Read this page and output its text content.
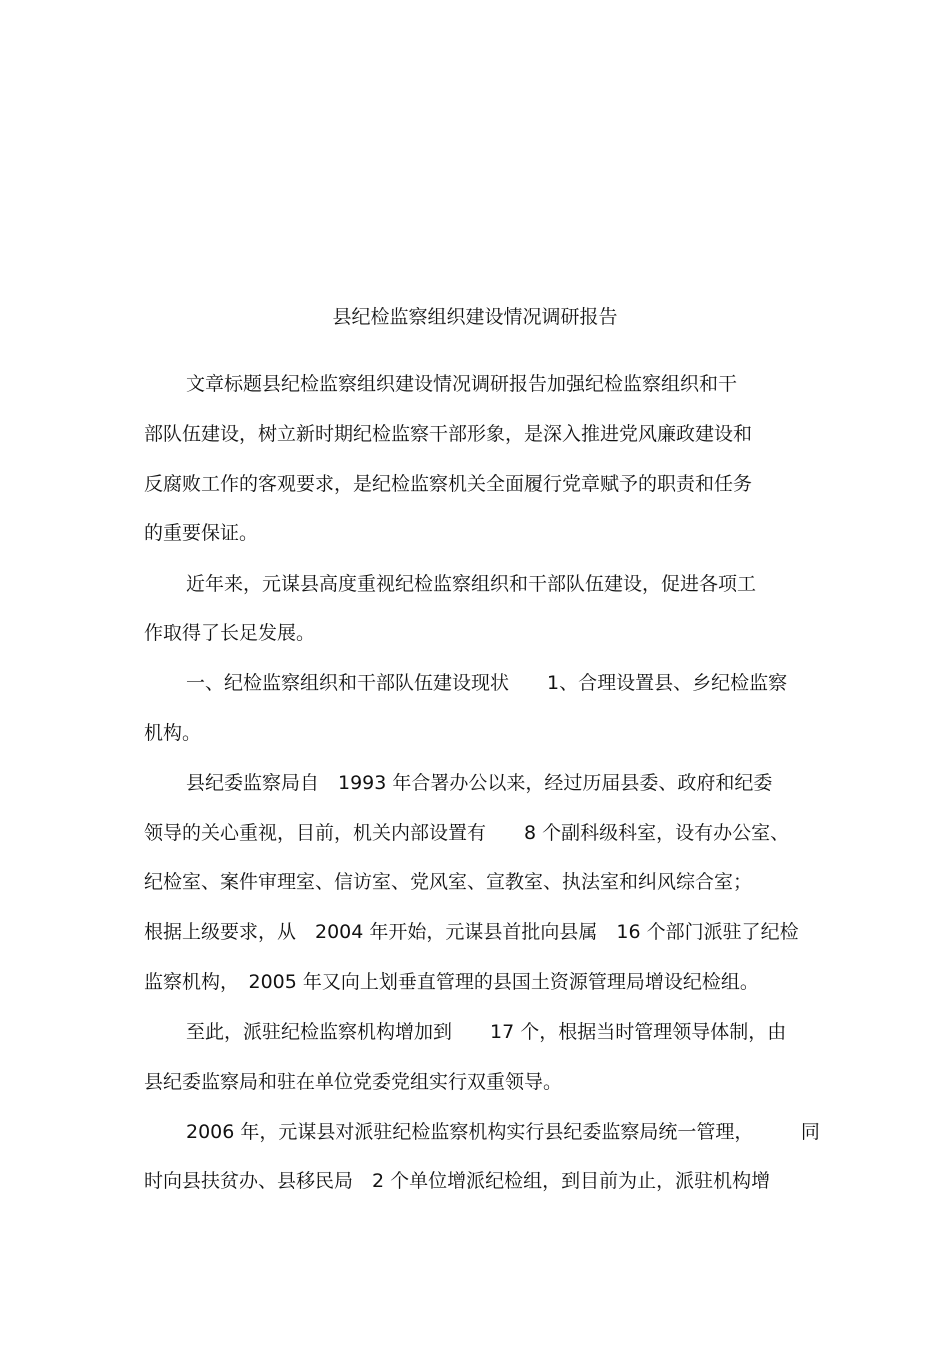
县纪检监察组织建设情况调研报告
文章标题县纪检监察组织建设情况调研报告加强纪检监察组织和干
部队伍建设，树立新时期纪检监察干部形象，是深入推进党风廉政建设和
反腐败工作的客观要求，是纪检监察机关全面履行党章赋予的职责和任务
的重要保证。
近年来，元谋县高度重视纪检监察组织和干部队伍建设，促进各项工
作取得了长足发展。
一、纪检监察组织和干部队伍建设现状　　1、合理设置县、乡纪检监察
机构。
县纪委监察局自　1993 年合署办公以来，经过历届县委、政府和纪委
领导的关心重视，目前，机关内部设置有　　8 个副科级科室，设有办公室、
纪检室、案件审理室、信访室、党风室、宣教室、执法室和纠风综合室；
根据上级要求，从　2004 年开始，元谋县首批向县属　16 个部门派驻了纪检
监察机构，　2005 年又向上划垂直管理的县国土资源管理局增设纪检组。
至此，派驻纪检监察机构增加到　　17 个，根据当时管理领导体制，由
县纪委监察局和驻在单位党委党组实行双重领导。
2006 年，元谋县对派驻纪检监察机构实行县纪委监察局统一管理，　　　同
时向县扶贫办、县移民局　2 个单位增派纪检组，到目前为止，派驻机构增
